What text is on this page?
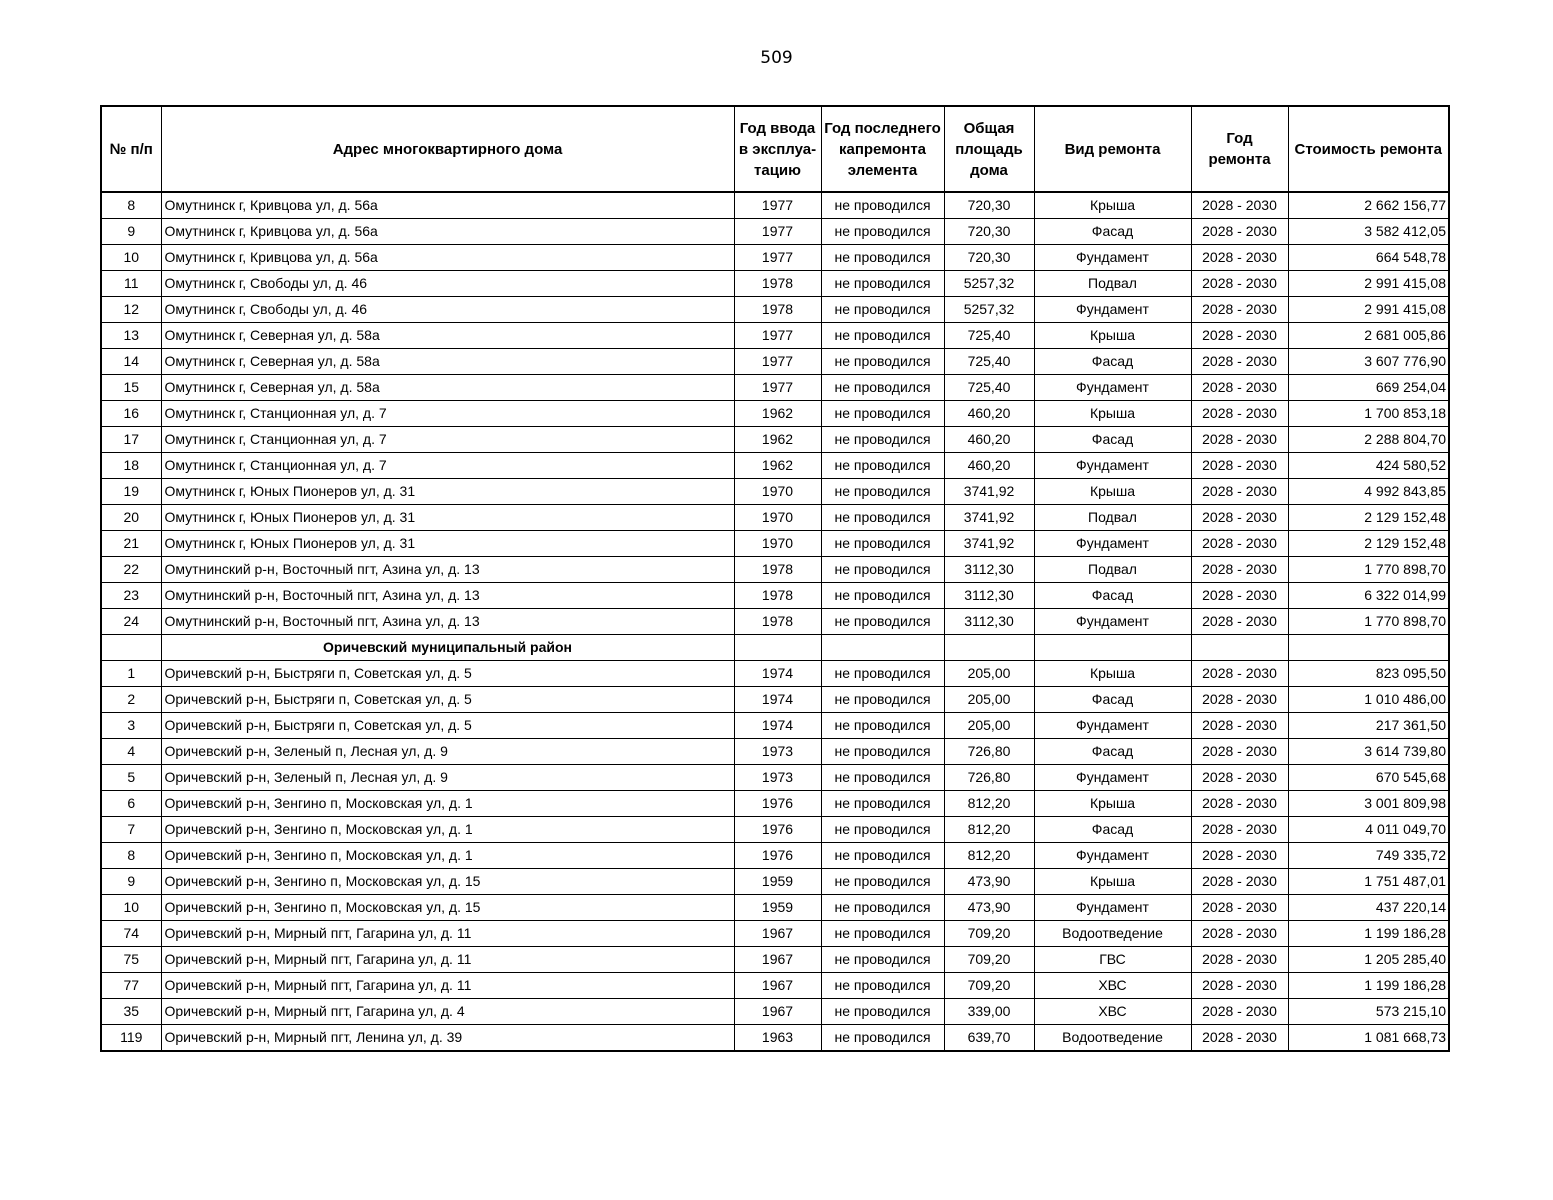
509
№ п/п	Адрес многоквартирного дома	Год ввода в эксплуа-тацию	Год последнего капремонта элемента	Общая площадь дома	Вид ремонта	Год ремонта	Стоимость ремонта
8	Омутнинск г, Кривцова ул, д. 56а	1977	не проводился	720,30	Крыша	2028 - 2030	2 662 156,77
9	Омутнинск г, Кривцова ул, д. 56а	1977	не проводился	720,30	Фасад	2028 - 2030	3 582 412,05
10	Омутнинск г, Кривцова ул, д. 56а	1977	не проводился	720,30	Фундамент	2028 - 2030	664 548,78
11	Омутнинск г, Свободы ул, д. 46	1978	не проводился	5257,32	Подвал	2028 - 2030	2 991 415,08
12	Омутнинск г, Свободы ул, д. 46	1978	не проводился	5257,32	Фундамент	2028 - 2030	2 991 415,08
13	Омутнинск г, Северная ул, д. 58а	1977	не проводился	725,40	Крыша	2028 - 2030	2 681 005,86
14	Омутнинск г, Северная ул, д. 58а	1977	не проводился	725,40	Фасад	2028 - 2030	3 607 776,90
15	Омутнинск г, Северная ул, д. 58а	1977	не проводился	725,40	Фундамент	2028 - 2030	669 254,04
16	Омутнинск г, Станционная ул, д. 7	1962	не проводился	460,20	Крыша	2028 - 2030	1 700 853,18
17	Омутнинск г, Станционная ул, д. 7	1962	не проводился	460,20	Фасад	2028 - 2030	2 288 804,70
18	Омутнинск г, Станционная ул, д. 7	1962	не проводился	460,20	Фундамент	2028 - 2030	424 580,52
19	Омутнинск г, Юных Пионеров ул, д. 31	1970	не проводился	3741,92	Крыша	2028 - 2030	4 992 843,85
20	Омутнинск г, Юных Пионеров ул, д. 31	1970	не проводился	3741,92	Подвал	2028 - 2030	2 129 152,48
21	Омутнинск г, Юных Пионеров ул, д. 31	1970	не проводился	3741,92	Фундамент	2028 - 2030	2 129 152,48
22	Омутнинский р-н, Восточный пгт, Азина ул, д. 13	1978	не проводился	3112,30	Подвал	2028 - 2030	1 770 898,70
23	Омутнинский р-н, Восточный пгт, Азина ул, д. 13	1978	не проводился	3112,30	Фасад	2028 - 2030	6 322 014,99
24	Омутнинский р-н, Восточный пгт, Азина ул, д. 13	1978	не проводился	3112,30	Фундамент	2028 - 2030	1 770 898,70
	Оричевский муниципальный район						
1	Оричевский р-н, Быстряги п, Советская ул, д. 5	1974	не проводился	205,00	Крыша	2028 - 2030	823 095,50
2	Оричевский р-н, Быстряги п, Советская ул, д. 5	1974	не проводился	205,00	Фасад	2028 - 2030	1 010 486,00
3	Оричевский р-н, Быстряги п, Советская ул, д. 5	1974	не проводился	205,00	Фундамент	2028 - 2030	217 361,50
4	Оричевский р-н, Зеленый п, Лесная ул, д. 9	1973	не проводился	726,80	Фасад	2028 - 2030	3 614 739,80
5	Оричевский р-н, Зеленый п, Лесная ул, д. 9	1973	не проводился	726,80	Фундамент	2028 - 2030	670 545,68
6	Оричевский р-н, Зенгино п, Московская ул, д. 1	1976	не проводился	812,20	Крыша	2028 - 2030	3 001 809,98
7	Оричевский р-н, Зенгино п, Московская ул, д. 1	1976	не проводился	812,20	Фасад	2028 - 2030	4 011 049,70
8	Оричевский р-н, Зенгино п, Московская ул, д. 1	1976	не проводился	812,20	Фундамент	2028 - 2030	749 335,72
9	Оричевский р-н, Зенгино п, Московская ул, д. 15	1959	не проводился	473,90	Крыша	2028 - 2030	1 751 487,01
10	Оричевский р-н, Зенгино п, Московская ул, д. 15	1959	не проводился	473,90	Фундамент	2028 - 2030	437 220,14
74	Оричевский р-н, Мирный пгт, Гагарина ул, д. 11	1967	не проводился	709,20	Водоотведение	2028 - 2030	1 199 186,28
75	Оричевский р-н, Мирный пгт, Гагарина ул, д. 11	1967	не проводился	709,20	ГВС	2028 - 2030	1 205 285,40
77	Оричевский р-н, Мирный пгт, Гагарина ул, д. 11	1967	не проводился	709,20	ХВС	2028 - 2030	1 199 186,28
35	Оричевский р-н, Мирный пгт, Гагарина ул, д. 4	1967	не проводился	339,00	ХВС	2028 - 2030	573 215,10
119	Оричевский р-н, Мирный пгт, Ленина ул, д. 39	1963	не проводился	639,70	Водоотведение	2028 - 2030	1 081 668,73
